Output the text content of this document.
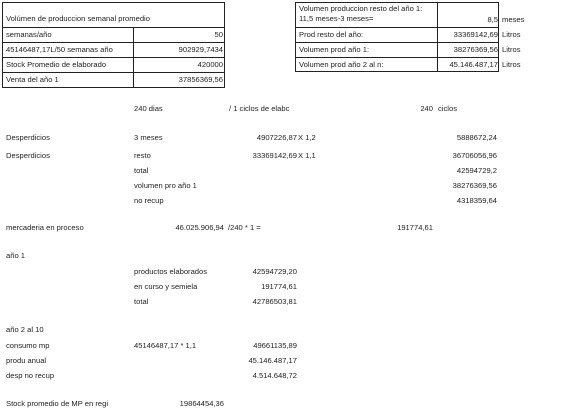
Volúmen de produccion semanal promedio
semanas/año	50
45146487,17L/50 semanas año	902929,7434
Stock Promedio de elaborado	420000
Venta del año 1	37856369,56
Volumen produccion resto del año 1: 11,5 meses-3 meses=	8,5 meses
Prod resto del año:	33369142,69 Litros
Volumen prod año 1:	38276369,56 Litros
Volumen prod año 2 al n:	45.146.487,17 Litros
240 dias	/ 1 ciclos de elabc	240 ciclos
Desperdicios	3 meses	4907226,87 X 1,2	5888672,24
Desperdicios	resto	33369142,69 X 1,1	36706056,96
total	42594729,2
volumen pro año 1	38276369,56
no recup	4318359,64
mercaderia en proceso	46.025.906,94 /240 * 1 =	191774,61
año 1
productos elaborados	42594729,20
en curso y semiela	191774,61
total	42786503,81
año 2 al 10
consumo mp	45146487,17 * 1,1	49661135,89
produ anual	45.146.487,17
desp no recup	4.514.648,72
Stock promedio de MP en regi	19864454,36
